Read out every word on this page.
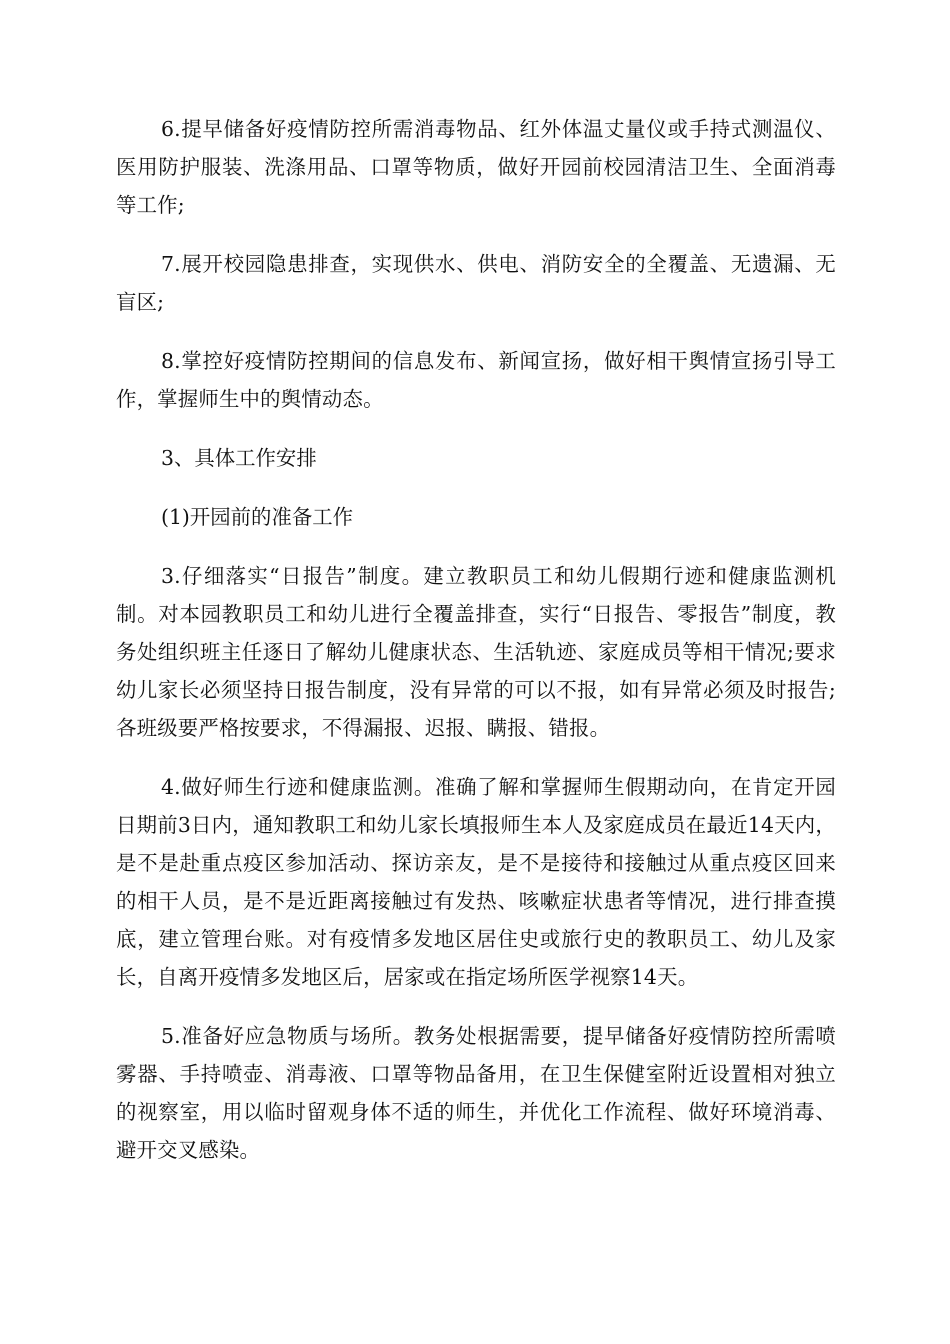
6.提早储备好疫情防控所需消毒物品、红外体温丈量仪或手持式测温仪、医用防护服装、洗涤用品、口罩等物质，做好开园前校园清洁卫生、全面消毒等工作;

7.展开校园隐患排查，实现供水、供电、消防安全的全覆盖、无遗漏、无盲区;

8.掌控好疫情防控期间的信息发布、新闻宣扬，做好相干舆情宣扬引导工作，掌握师生中的舆情动态。

3、具体工作安排

(1)开园前的准备工作

3.仔细落实“日报告”制度。建立教职员工和幼儿假期行迹和健康监测机制。对本园教职员工和幼儿进行全覆盖排查，实行“日报告、零报告”制度，教务处组织班主任逐日了解幼儿健康状态、生活轨迹、家庭成员等相干情况;要求幼儿家长必须坚持日报告制度，没有异常的可以不报，如有异常必须及时报告;各班级要严格按要求，不得漏报、迟报、瞒报、错报。

4.做好师生行迹和健康监测。准确了解和掌握师生假期动向，在肯定开园日期前3日内，通知教职工和幼儿家长填报师生本人及家庭成员在最近14天内，是不是赴重点疫区参加活动、探访亲友，是不是接待和接触过从重点疫区回来的相干人员，是不是近距离接触过有发热、咳嗽症状患者等情况，进行排查摸底，建立管理台账。对有疫情多发地区居住史或旅行史的教职员工、幼儿及家长，自离开疫情多发地区后，居家或在指定场所医学视察14天。

5.准备好应急物质与场所。教务处根据需要，提早储备好疫情防控所需喷雾器、手持喷壶、消毒液、口罩等物品备用，在卫生保健室附近设置相对独立的视察室，用以临时留观身体不适的师生，并优化工作流程、做好环境消毒、避开交叉感染。
